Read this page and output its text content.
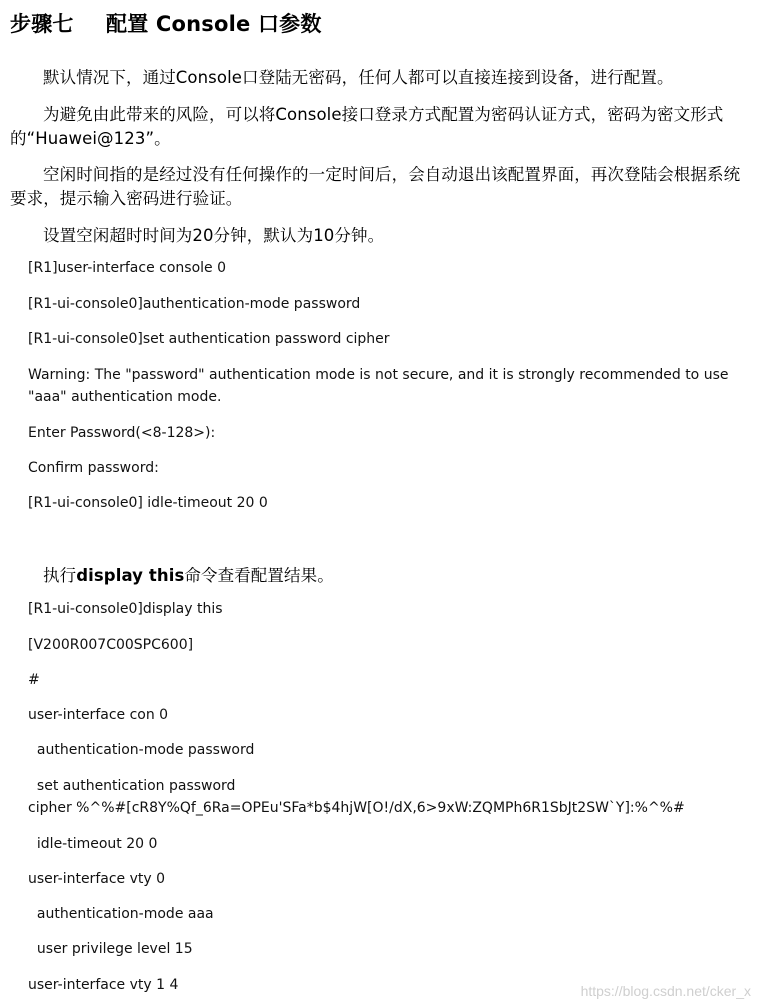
步骤七 配置 Console 口参数

默认情况下，通过Console口登陆无密码，任何人都可以直接连接到设备，进行配置。

为避免由此带来的风险，可以将Console接口登录方式配置为密码认证方式，密码为密文形式的“Huawei@123”。

空闲时间指的是经过没有任何操作的一定时间后，会自动退出该配置界面，再次登陆会根据系统要求，提示输入密码进行验证。

设置空闲超时时间为20分钟，默认为10分钟。

[R1]user-interface console 0

[R1-ui-console0]authentication-mode password

[R1-ui-console0]set authentication password cipher

Warning: The "password" authentication mode is not secure, and it is strongly recommended to use "aaa" authentication mode.

Enter Password(<8-128>):

Confirm password:

[R1-ui-console0] idle-timeout 20 0

执行display this命令查看配置结果。

[R1-ui-console0]display this

[V200R007C00SPC600]

#

user-interface con 0

authentication-mode password

set authentication password

cipher %^%#[cR8Y%Qf_6Ra=OPEu'SFa*b$4hjW[O!/dX,6>9xW:ZQMPh6R1SbJt2SW`Y]:%^%#

idle-timeout 20 0

user-interface vty 0

authentication-mode aaa

user privilege level 15

user-interface vty 1 4	https://blog.csdn.net/cker_x
